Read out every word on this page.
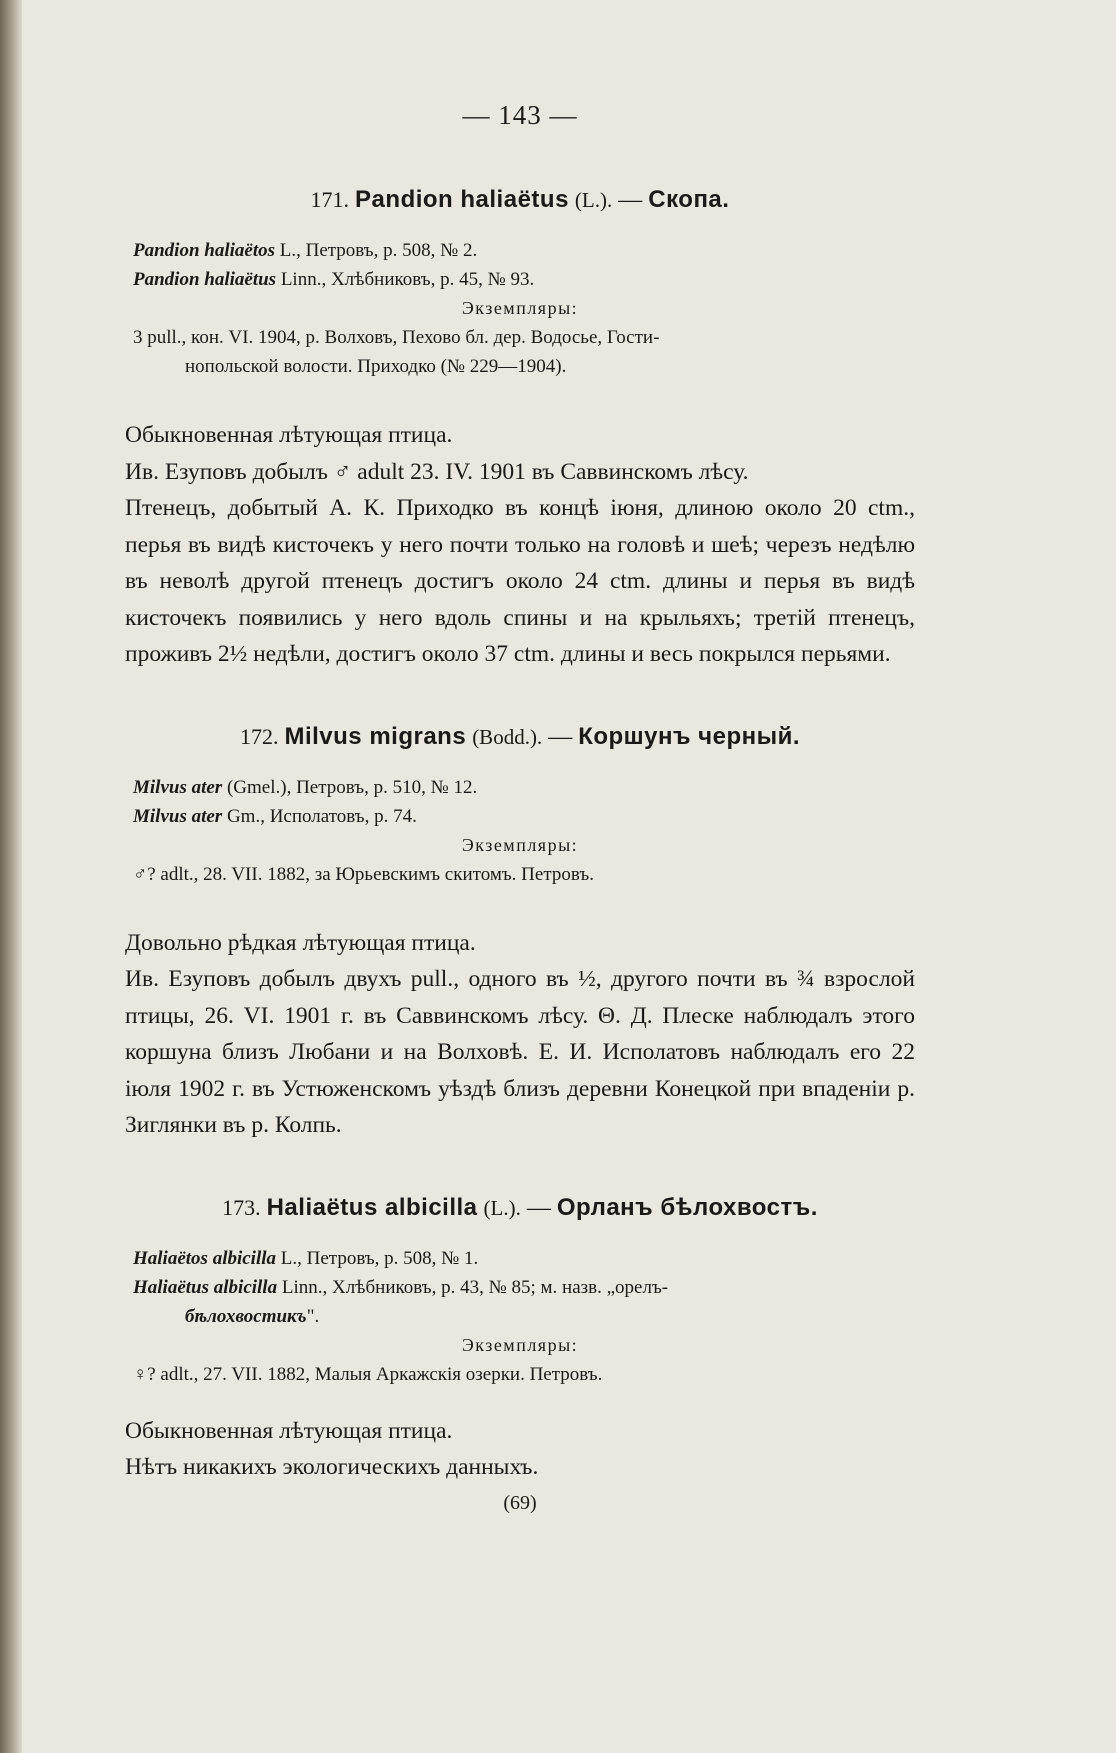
— 143 —
171. Pandion haliaëtus (L.). — Скопа.

Pandion haliaëtos L., Петровъ, p. 508, № 2.

Pandion haliaëtus Linn., Хлѣбниковъ, p. 45, № 93.

Экземпляры:

3 pull., кон. VI. 1904, р. Волховъ, Пехово бл. дер. Водосье, Гости-

нопольской волости. Приходко (№ 229—1904).

Обыкновенная лѣтующая птица.

Ив. Езуповъ добылъ ♂ adult 23. IV. 1901 въ Саввинскомъ лѣсу.

Птенецъ, добытый А. К. Приходко въ концѣ іюня, длиною около 20 ctm., перья въ видѣ кисточекъ у него почти только на головѣ и шеѣ; черезъ недѣлю въ неволѣ другой птенецъ достигъ около 24 ctm. длины и перья въ видѣ кисточекъ появились у него вдоль спины и на крыльяхъ; третій птенецъ, проживъ 2½ недѣли, достигъ около 37 ctm. длины и весь покрылся перьями.

172. Milvus migrans (Bodd.). — Коршунъ черный.

Milvus ater (Gmel.), Петровъ, p. 510, № 12.

Milvus ater Gm., Исполатовъ, p. 74.

Экземпляры:

♂? adlt., 28. VII. 1882, за Юрьевскимъ скитомъ. Петровъ.

Довольно рѣдкая лѣтующая птица.

Ив. Езуповъ добылъ двухъ pull., одного въ ½, другого почти въ ¾ взрослой птицы, 26. VI. 1901 г. въ Саввинскомъ лѣсу. Θ. Д. Плеске наблюдалъ этого коршуна близъ Любани и на Волховѣ. Е. И. Исполатовъ наблюдалъ его 22 іюля 1902 г. въ Устюженскомъ уѣздѣ близъ деревни Конецкой при впаденіи р. Зиглянки въ р. Колпь.

173. Haliaëtus albicilla (L.). — Орланъ бѣлохвостъ.

Haliaëtos albicilla L., Петровъ, p. 508, № 1.

Haliaëtus albicilla Linn., Хлѣбниковъ, p. 43, № 85; м. назв. „орелъ-

бѣлохвостикъ".

Экземпляры:

♀? adlt., 27. VII. 1882, Малыя Аркажскія озерки. Петровъ.

Обыкновенная лѣтующая птица.

Нѣтъ никакихъ экологическихъ данныхъ.

(69)
